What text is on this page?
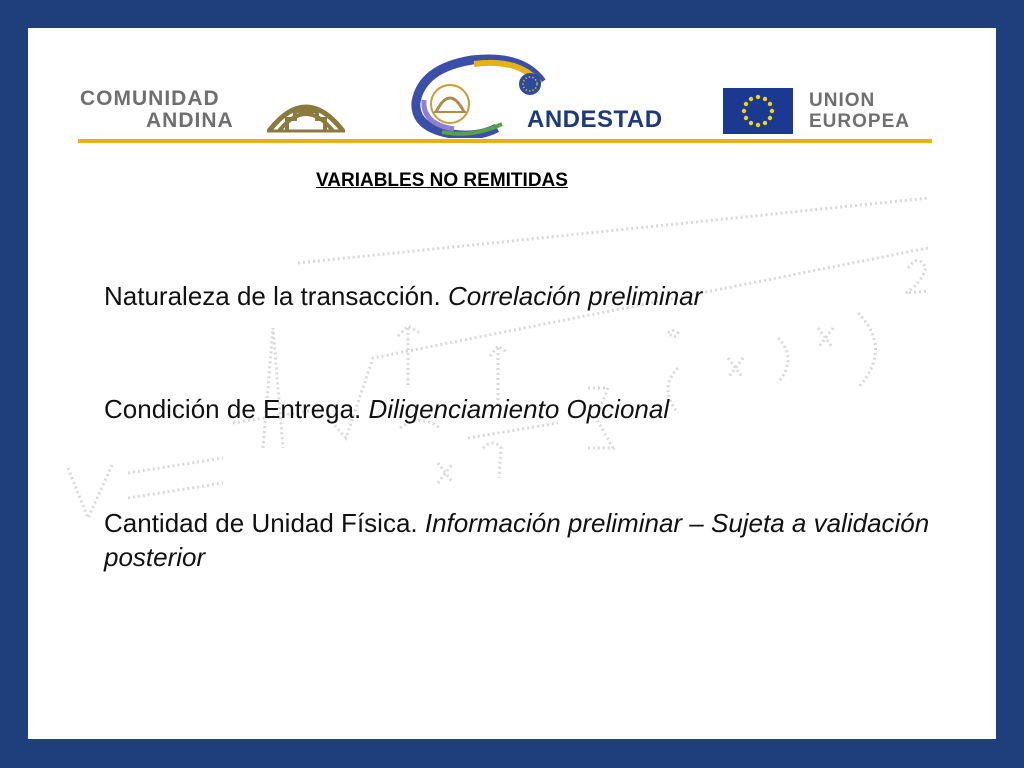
COMUNIDAD
ANDINA	ANDESTAD
UNION
EUROPEA
VARIABLES NO REMITIDAS
Naturaleza de la transacción. Correlación preliminar
Condición de Entrega. Diligenciamiento Opcional
Cantidad de Unidad Física. Información preliminar – Sujeta a validación posterior
